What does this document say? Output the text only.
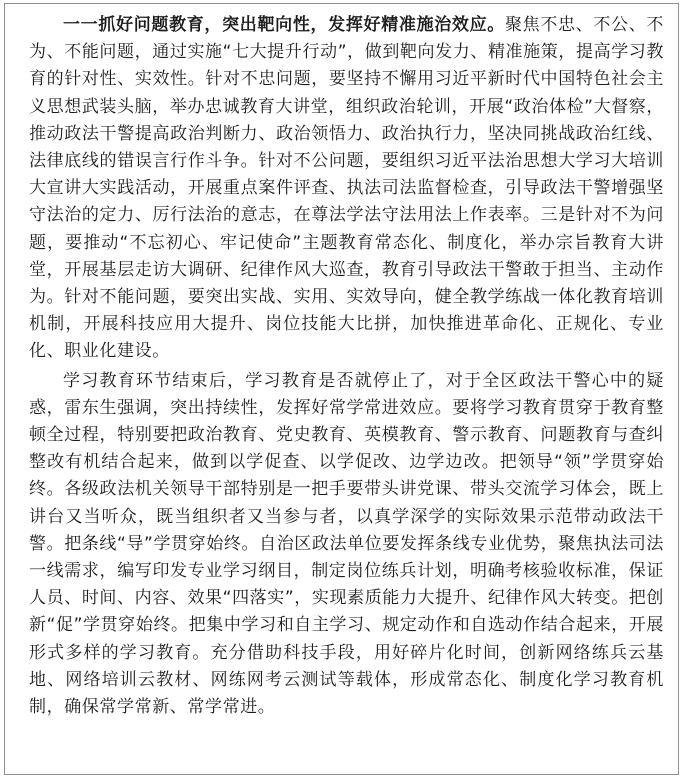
一一抓好问题教育，突出靶向性，发挥好精准施治效应。聚焦不忠、不公、不为、不能问题，通过实施“七大提升行动”，做到靶向发力、精准施策，提高学习教育的针对性、实效性。针对不忠问题，要坚持不懈用习近平新时代中国特色社会主义思想武装头脑，举办忠诚教育大讲堂，组织政治轮训，开展“政治体检”大督察，推动政法干警提高政治判断力、政治领悟力、政治执行力，坚决同挑战政治红线、法律底线的错误言行作斗争。针对不公问题，要组织习近平法治思想大学习大培训大宣讲大实践活动，开展重点案件评查、执法司法监督检查，引导政法干警增强坚守法治的定力、厉行法治的意志，在尊法学法守法用法上作表率。三是针对不为问题，要推动“不忘初心、牢记使命”主题教育常态化、制度化，举办宗旨教育大讲堂，开展基层走访大调研、纪律作风大巡查，教育引导政法干警敢于担当、主动作为。针对不能问题，要突出实战、实用、实效导向，健全教学练战一体化教育培训机制，开展科技应用大提升、岗位技能大比拼，加快推进革命化、正规化、专业化、职业化建设。

学习教育环节结束后，学习教育是否就停止了，对于全区政法干警心中的疑惑，雷东生强调，突出持续性，发挥好常学常进效应。要将学习教育贯穿于教育整顿全过程，特别要把政治教育、党史教育、英模教育、警示教育、问题教育与查纠整改有机结合起来，做到以学促查、以学促改、边学边改。把领导“领”学贯穿始终。各级政法机关领导干部特别是一把手要带头讲党课、带头交流学习体会，既上讲台又当听众，既当组织者又当参与者，以真学深学的实际效果示范带动政法干警。把条线“导”学贯穿始终。自治区政法单位要发挥条线专业优势，聚焦执法司法一线需求，编写印发专业学习纲目，制定岗位练兵计划，明确考核验收标准，保证人员、时间、内容、效果“四落实”，实现素质能力大提升、纪律作风大转变。把创新“促”学贯穿始终。把集中学习和自主学习、规定动作和自选动作结合起来，开展形式多样的学习教育。充分借助科技手段，用好碎片化时间，创新网络练兵云基地、网络培训云教材、网练网考云测试等载体，形成常态化、制度化学习教育机制，确保常学常新、常学常进。
